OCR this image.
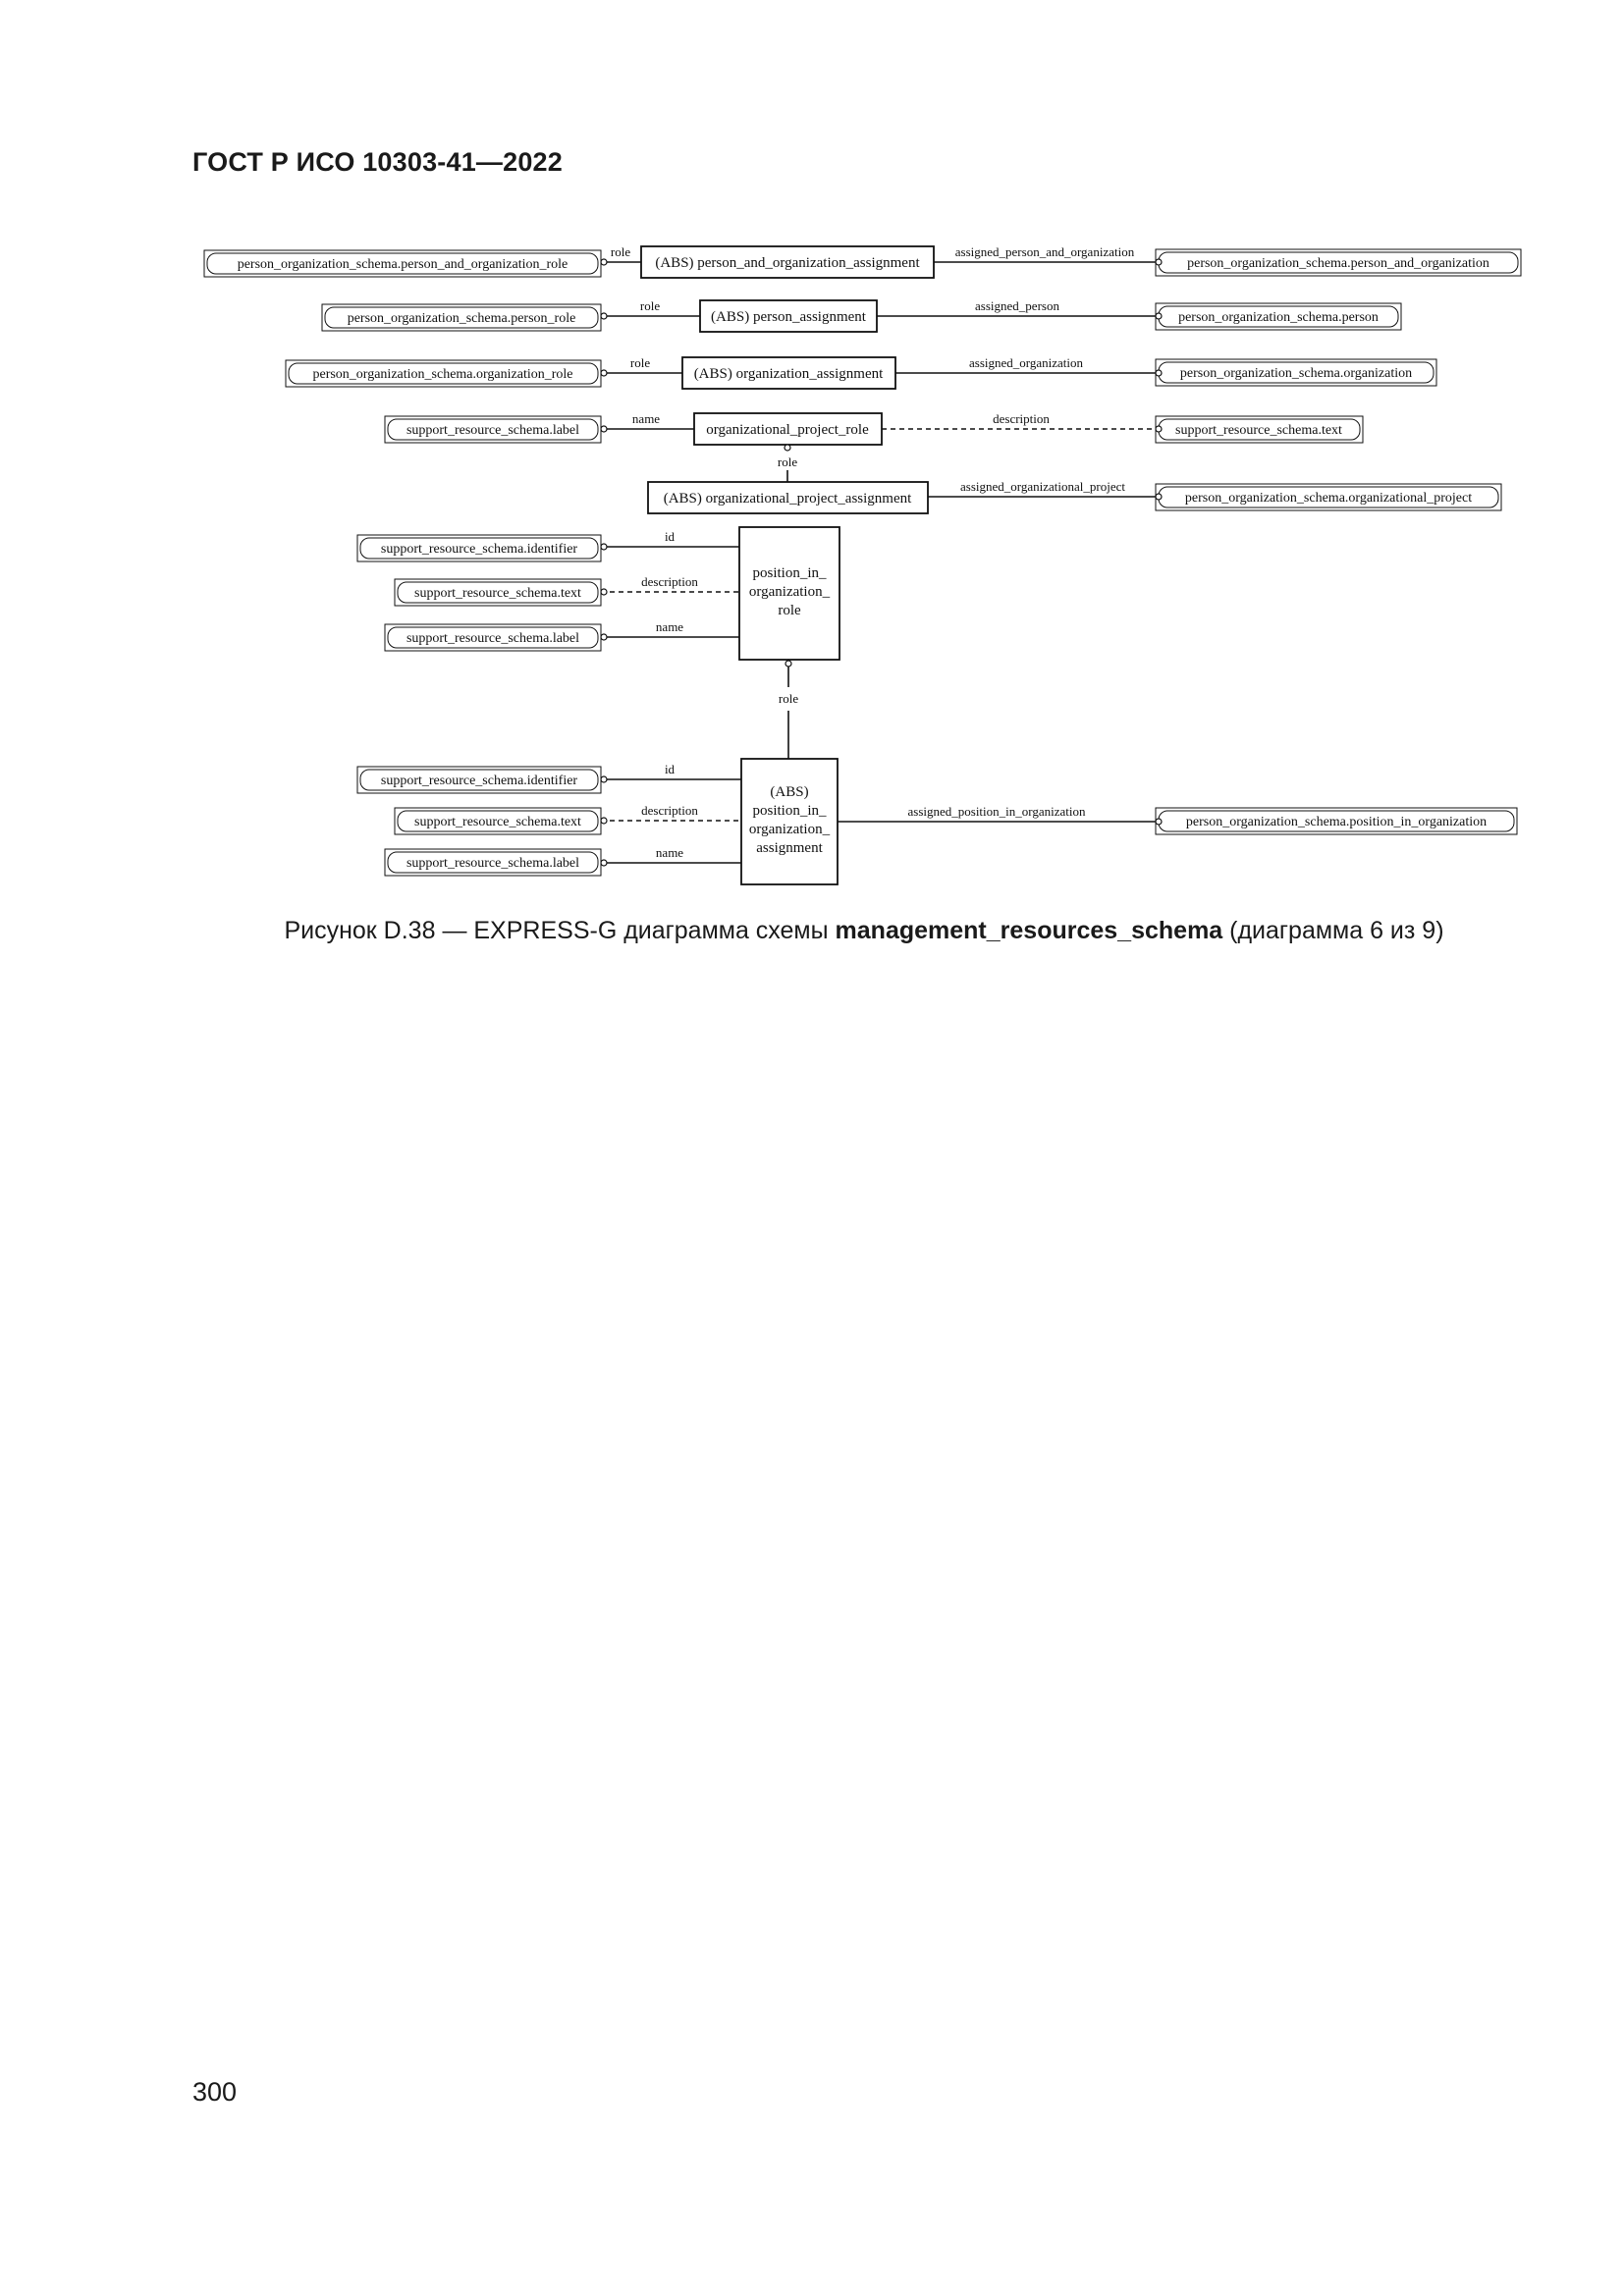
ГОСТ Р ИСО 10303-41—2022
(ABS) person_and_organization_assignment
(ABS) person_assignment
(ABS) organization_assignment
organizational_project_role
(ABS) organizational_project_assignment
position_in_
organization_
role
(ABS)
position_in_
organization_
assignment
person_organization_schema.person_and_organization_role
person_organization_schema.person_role
person_organization_schema.organization_role
support_resource_schema.label
support_resource_schema.identifier
support_resource_schema.text
support_resource_schema.label
support_resource_schema.identifier
support_resource_schema.text
support_resource_schema.label
person_organization_schema.person_and_organization
person_organization_schema.person
person_organization_schema.organization
support_resource_schema.text
person_organization_schema.organizational_project
person_organization_schema.position_in_organization
role	assigned_person_and_organization
role	assigned_person
role	assigned_organization
name	description
role
assigned_organizational_project
id
description
name
role
id
description
name
assigned_position_in_organization
Рисунок D.38 — EXPRESS-G диаграмма схемы management_resources_schema (диаграмма 6 из 9)
300
